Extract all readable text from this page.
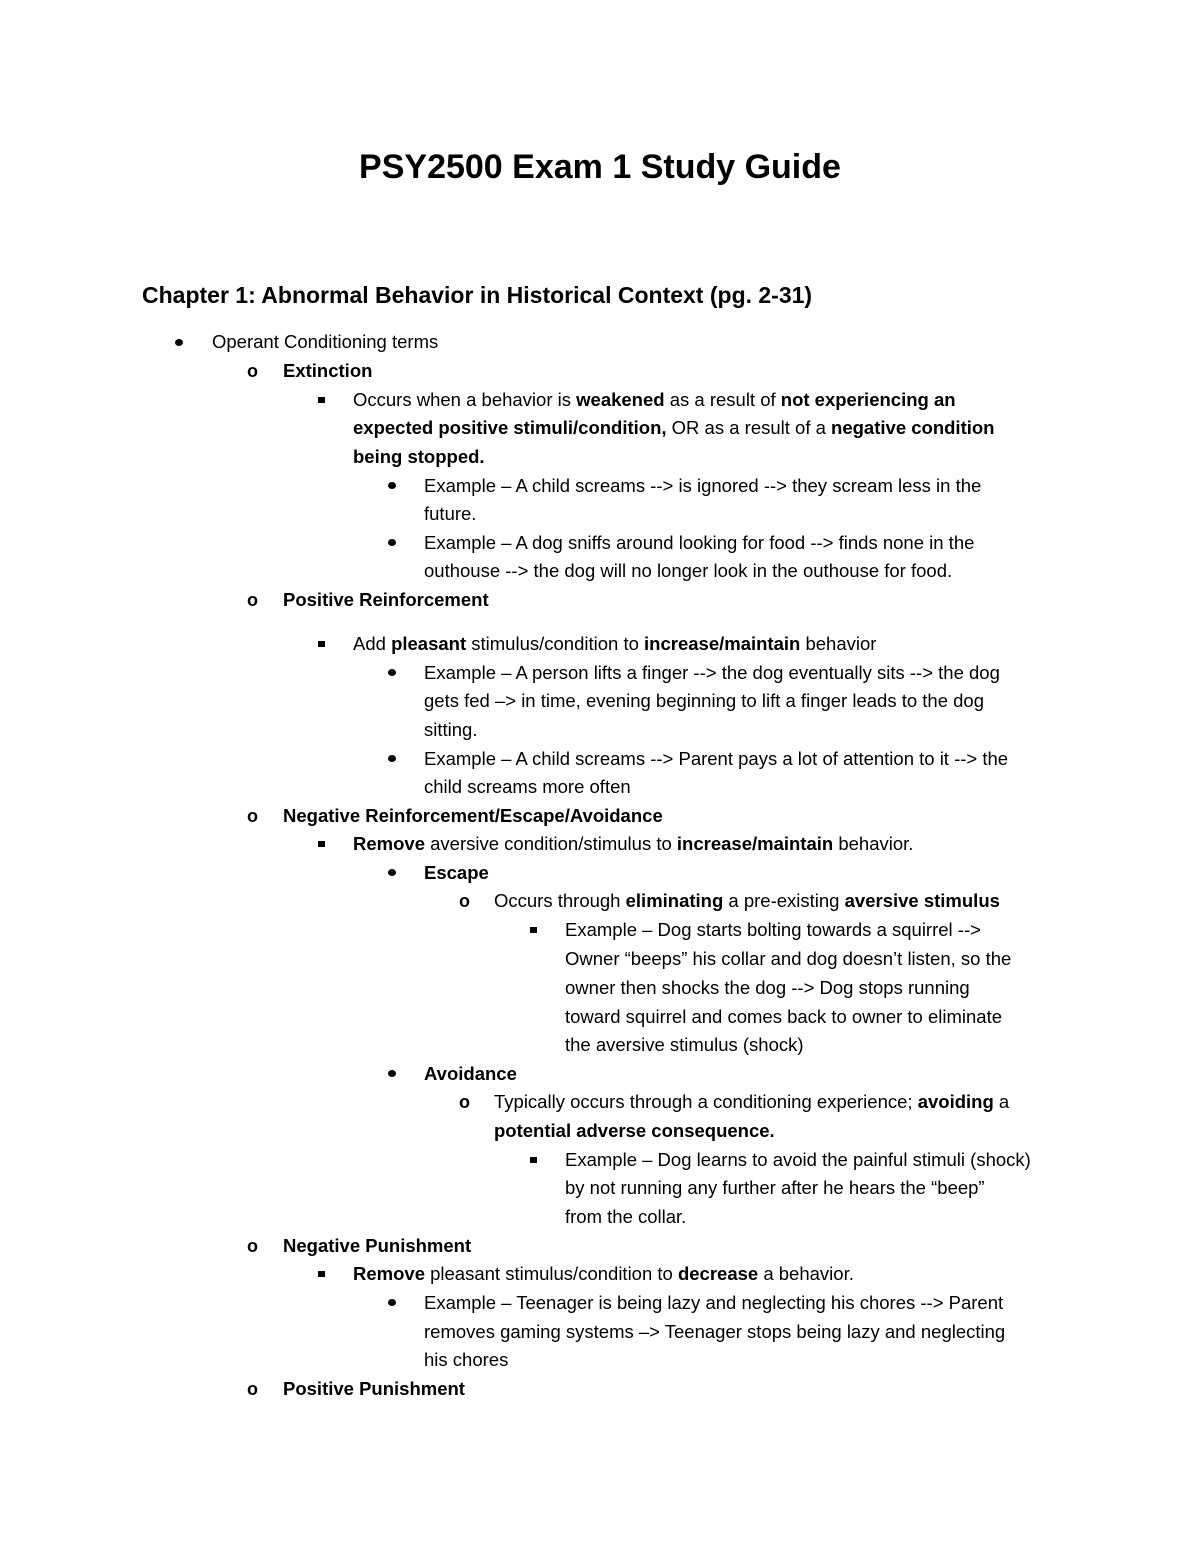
PSY2500 Exam 1 Study Guide
Chapter 1: Abnormal Behavior in Historical Context (pg. 2-31)
Operant Conditioning terms
o Extinction
Occurs when a behavior is weakened as a result of not experiencing an
expected positive stimuli/condition, OR as a result of a negative condition
being stopped.
Example – A child screams --> is ignored --> they scream less in the
future.
Example – A dog sniffs around looking for food --> finds none in the
outhouse --> the dog will no longer look in the outhouse for food.
o Positive Reinforcement
Add pleasant stimulus/condition to increase/maintain behavior
Example – A person lifts a finger --> the dog eventually sits --> the dog
gets fed –> in time, evening beginning to lift a finger leads to the dog
sitting.
Example – A child screams --> Parent pays a lot of attention to it --> the
child screams more often
o Negative Reinforcement/Escape/Avoidance
Remove aversive condition/stimulus to increase/maintain behavior.
Escape
o Occurs through eliminating a pre-existing aversive stimulus
Example – Dog starts bolting towards a squirrel -->
Owner “beeps” his collar and dog doesn’t listen, so the
owner then shocks the dog --> Dog stops running
toward squirrel and comes back to owner to eliminate
the aversive stimulus (shock)
Avoidance
o Typically occurs through a conditioning experience; avoiding a
potential adverse consequence.
Example – Dog learns to avoid the painful stimuli (shock)
by not running any further after he hears the “beep”
from the collar.
o Negative Punishment
Remove pleasant stimulus/condition to decrease a behavior.
Example – Teenager is being lazy and neglecting his chores --> Parent
removes gaming systems –> Teenager stops being lazy and neglecting
his chores
o Positive Punishment
